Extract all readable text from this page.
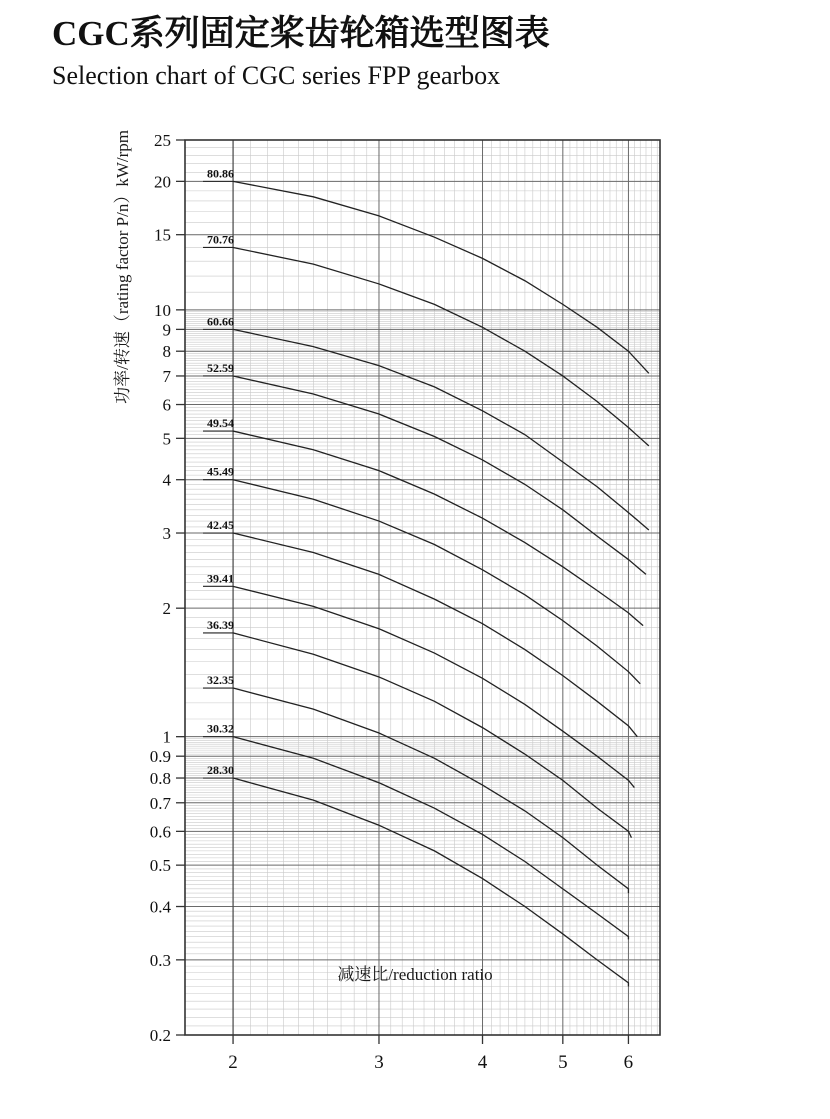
CGC系列固定桨齿轮箱选型图表
Selection chart of CGC series FPP gearbox
0.2
0.3
0.4
0.5
0.6
0.7
0.8
0.9
1
2
3
4
5
6
7
8
9
10
15
20
25
2	3	4	5	6
80.86
70.76
60.66
52.59
49.54
45.49
42.45
39.41
36.39
32.35
30.32
28.30
功率/转速（rating factor P/n）kW/rpm
减速比/reduction ratio
